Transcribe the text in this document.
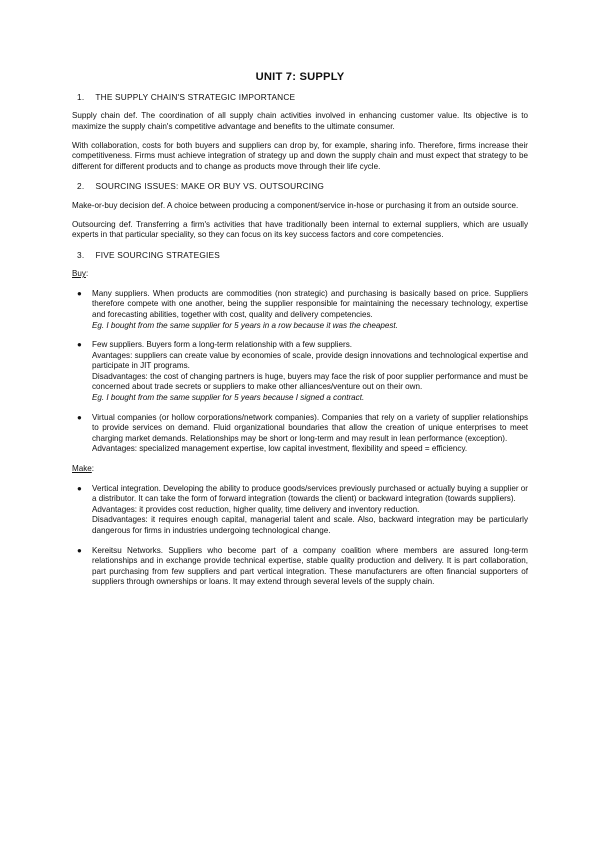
UNIT 7: SUPPLY
1. THE SUPPLY CHAIN'S STRATEGIC IMPORTANCE
Supply chain def. The coordination of all supply chain activities involved in enhancing customer value. Its objective is to maximize the supply chain's competitive advantage and benefits to the ultimate consumer.
With collaboration, costs for both buyers and suppliers can drop by, for example, sharing info. Therefore, firms increase their competitiveness. Firms must achieve integration of strategy up and down the supply chain and must expect that strategy to be different for different products and to change as products move through their life cycle.
2. SOURCING ISSUES: MAKE OR BUY VS. OUTSOURCING
Make-or-buy decision def. A choice between producing a component/service in-hose or purchasing it from an outside source.
Outsourcing def. Transferring a firm's activities that have traditionally been internal to external suppliers, which are usually experts in that particular speciality, so they can focus on its key success factors and core competencies.
3. FIVE SOURCING STRATEGIES
Buy:
● Many suppliers. When products are commodities (non strategic) and purchasing is basically based on price. Suppliers therefore compete with one another, being the supplier responsible for maintaining the necessary technology, expertise and forecasting abilities, together with cost, quality and delivery competencies.
Eg. I bought from the same supplier for 5 years in a row because it was the cheapest.
● Few suppliers. Buyers form a long-term relationship with a few suppliers.
Avantages: suppliers can create value by economies of scale, provide design innovations and technological expertise and participate in JIT programs.
Disadvantages: the cost of changing partners is huge, buyers may face the risk of poor supplier performance and must be concerned about trade secrets or suppliers to make other alliances/venture out on their own.
Eg. I bought from the same supplier for 5 years because I signed a contract.
● Virtual companies (or hollow corporations/network companies). Companies that rely on a variety of supplier relationships to provide services on demand. Fluid organizational boundaries that allow the creation of unique enterprises to meet charging market demands. Relationships may be short or long-term and may result in lean performance (exception).
Advantages: specialized management expertise, low capital investment, flexibility and speed = efficiency.
Make:
● Vertical integration. Developing the ability to produce goods/services previously purchased or actually buying a supplier or a distributor. It can take the form of forward integration (towards the client) or backward integration (towards suppliers).
Advantages: it provides cost reduction, higher quality, time delivery and inventory reduction.
Disadvantages: it requires enough capital, managerial talent and scale. Also, backward integration may be particularly dangerous for firms in industries undergoing technological change.
● Kereitsu Networks. Suppliers who become part of a company coalition where members are assured long-term relationships and in exchange provide technical expertise, stable quality production and delivery. It is part collaboration, part purchasing from few suppliers and part vertical integration. These manufacturers are often financial supporters of suppliers through ownerships or loans. It may extend through several levels of the supply chain.
